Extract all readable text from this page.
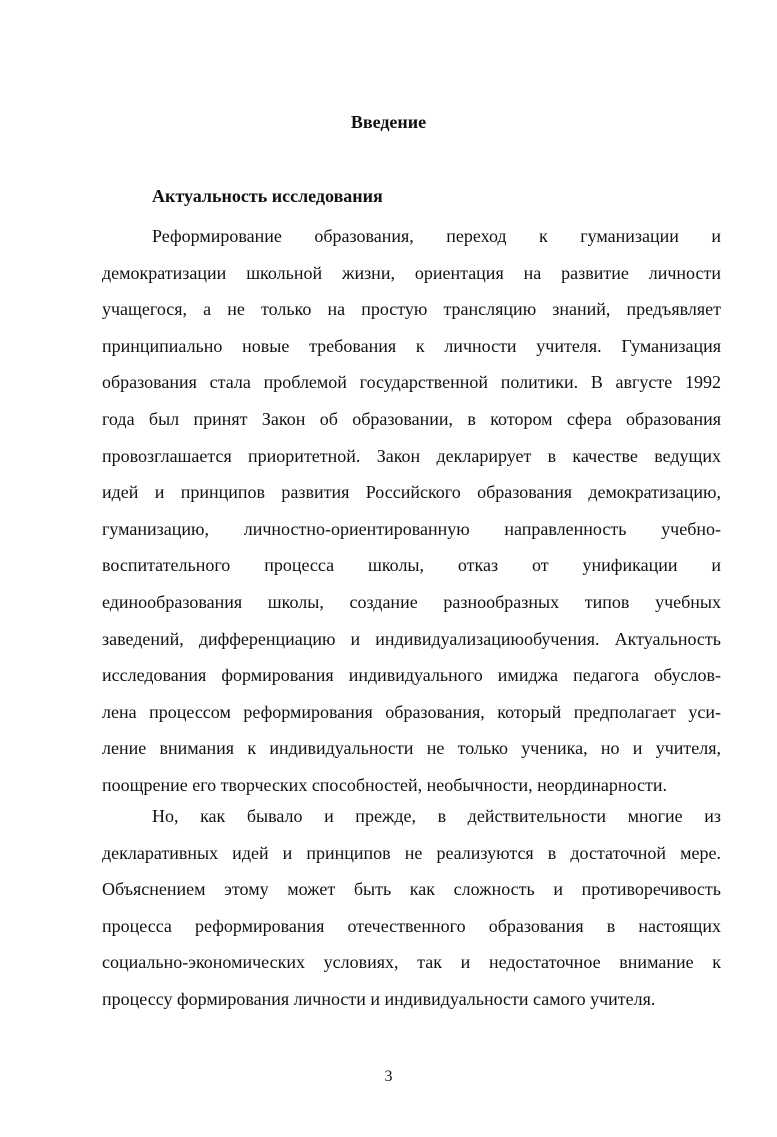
Введение
Актуальность исследования
Реформирование образования, переход к гуманизации и
демократизации школьной жизни, ориентация на развитие личности
учащегося, а не только на простую трансляцию знаний, предъявляет
принципиально новые требования к личности учителя. Гуманизация
образования стала проблемой государственной политики. В августе 1992
года был принят Закон об образовании, в котором сфера образования
провозглашается приоритетной. Закон декларирует в качестве ведущих
идей и принципов развития Российского образования демократизацию,
гуманизацию, личностно-ориентированную направленность учебно-
воспитательного процесса школы, отказ от унификации и
единообразования школы, создание разнообразных типов учебных
заведений, дифференциацию и индивидуализациюобучения. Актуальность
исследования формирования индивидуального имиджа педагога обуслов-
лена процессом реформирования образования, который предполагает уси-
ление внимания к индивидуальности не только ученика, но и учителя,
поощрение его творческих способностей, необычности, неординарности.
Но, как бывало и прежде, в действительности многие из
декларативных идей и принципов не реализуются в достаточной мере.
Объяснением этому может быть как сложность и противоречивость
процесса реформирования отечественного образования в настоящих
социально-экономических условиях, так и недостаточное внимание к
процессу формирования личности и индивидуальности самого учителя.
3
